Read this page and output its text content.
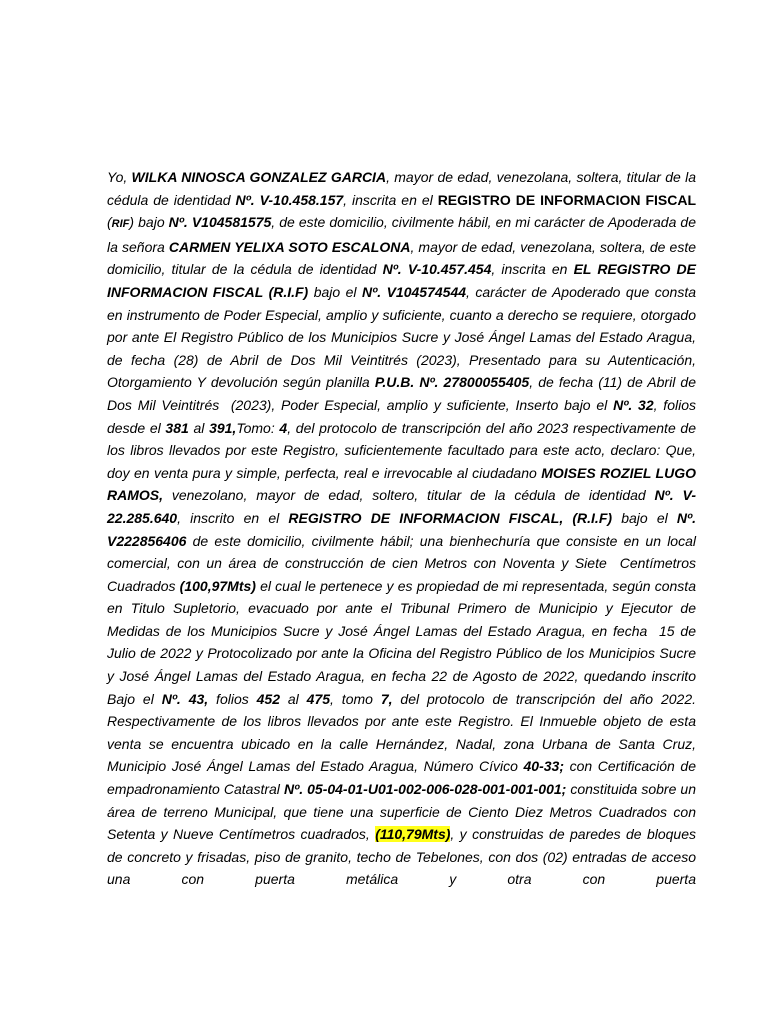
Yo, WILKA NINOSCA GONZALEZ GARCIA, mayor de edad, venezolana, soltera, titular de la cédula de identidad Nº. V-10.458.157, inscrita en el REGISTRO DE INFORMACION FISCAL (RIF) bajo Nº. V104581575, de este domicilio, civilmente hábil, en mi carácter de Apoderada de la señora CARMEN YELIXA SOTO ESCALONA, mayor de edad, venezolana, soltera, de este domicilio, titular de la cédula de identidad Nº. V-10.457.454, inscrita en EL REGISTRO DE INFORMACION FISCAL (R.I.F) bajo el Nº. V104574544, carácter de Apoderado que consta en instrumento de Poder Especial, amplio y suficiente, cuanto a derecho se requiere, otorgado por ante El Registro Público de los Municipios Sucre y José Ángel Lamas del Estado Aragua, de fecha (28) de Abril de Dos Mil Veintitrés (2023), Presentado para su Autenticación, Otorgamiento Y devolución según planilla P.U.B. Nº. 27800055405, de fecha (11) de Abril de Dos Mil Veintitrés  (2023), Poder Especial, amplio y suficiente, Inserto bajo el Nº. 32, folios desde el 381 al 391,Tomo: 4, del protocolo de transcripción del año 2023 respectivamente de los libros llevados por este Registro, suficientemente facultado para este acto, declaro: Que, doy en venta pura y simple, perfecta, real e irrevocable al ciudadano MOISES ROZIEL LUGO RAMOS, venezolano, mayor de edad, soltero, titular de la cédula de identidad Nº. V-22.285.640, inscrito en el REGISTRO DE INFORMACION FISCAL, (R.I.F) bajo el Nº. V222856406 de este domicilio, civilmente hábil; una bienhechuría que consiste en un local comercial, con un área de construcción de cien Metros con Noventa y Siete  Centímetros Cuadrados (100,97Mts) el cual le pertenece y es propiedad de mi representada, según consta en Titulo Supletorio, evacuado por ante el Tribunal Primero de Municipio y Ejecutor de Medidas de los Municipios Sucre y José Ángel Lamas del Estado Aragua, en fecha  15 de Julio de 2022 y Protocolizado por ante la Oficina del Registro Público de los Municipios Sucre y José Ángel Lamas del Estado Aragua, en fecha 22 de Agosto de 2022, quedando inscrito Bajo el Nº. 43, folios 452 al 475, tomo 7, del protocolo de transcripción del año 2022. Respectivamente de los libros llevados por ante este Registro. El Inmueble objeto de esta venta se encuentra ubicado en la calle Hernández, Nadal, zona Urbana de Santa Cruz, Municipio José Ángel Lamas del Estado Aragua, Número Cívico 40-33; con Certificación de empadronamiento Catastral Nº. 05-04-01-U01-002-006-028-001-001-001; constituida sobre un área de terreno Municipal, que tiene una superficie de Ciento Diez Metros Cuadrados con Setenta y Nueve Centímetros cuadrados, (110,79Mts), y construidas de paredes de bloques de concreto y frisadas, piso de granito, techo de Tebelones, con dos (02) entradas de acceso una con puerta metálica y otra con puerta
